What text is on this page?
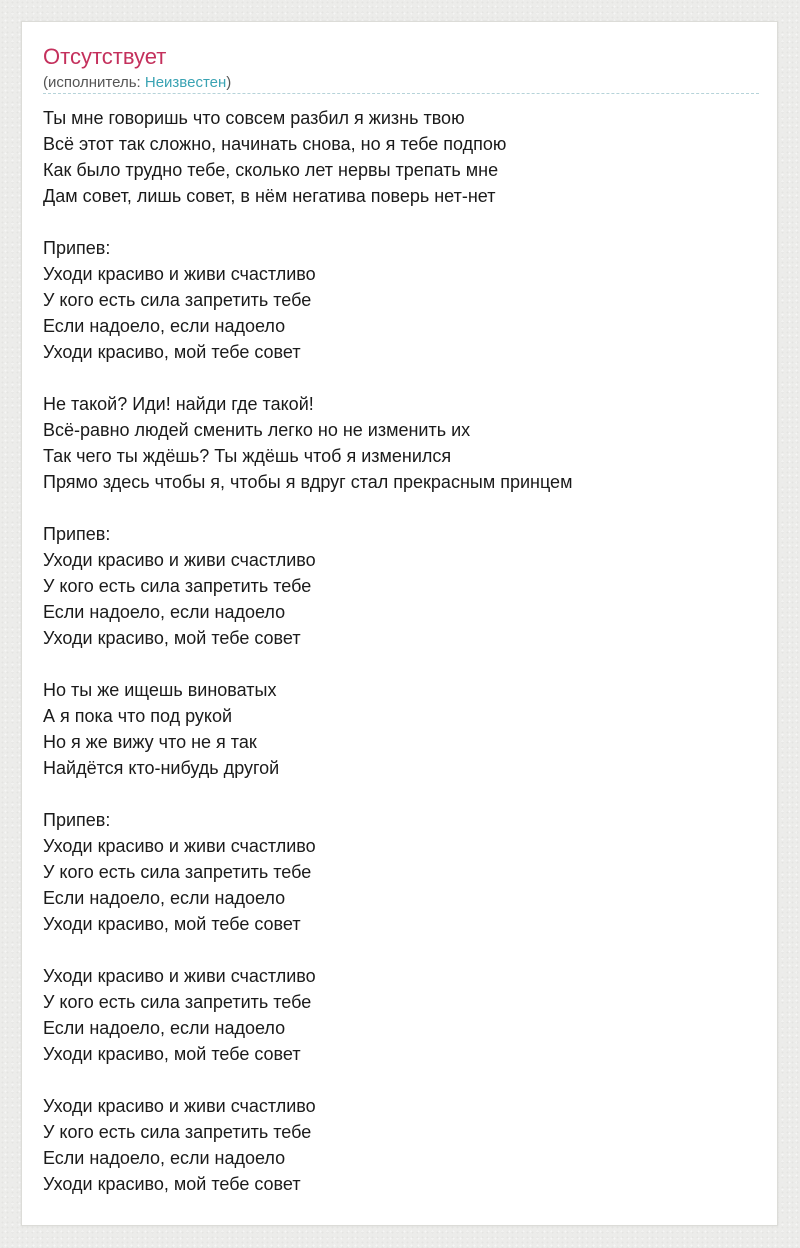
Отсутствует
(исполнитель: Неизвестен)
Ты мне говоришь что совсем разбил я жизнь твою
Всё этот так сложно, начинать снова, но я тебе подпою
Как было трудно тебе, сколько лет нервы трепать мне
Дам совет, лишь совет, в нём негатива поверь нет-нет
Припев:
Уходи красиво и живи счастливо
У кого есть сила запретить тебе
Если надоело, если надоело
Уходи красиво, мой тебе совет
Не такой? Иди! найди где такой!
Всё-равно людей сменить легко но не изменить их
Так чего ты ждёшь? Ты ждёшь чтоб я изменился
Прямо здесь чтобы я, чтобы я вдруг стал прекрасным принцем
Припев:
Уходи красиво и живи счастливо
У кого есть сила запретить тебе
Если надоело, если надоело
Уходи красиво, мой тебе совет
Но ты же ищешь виноватых
А я пока что под рукой
Но я же вижу что не я так
Найдётся кто-нибудь другой
Припев:
Уходи красиво и живи счастливо
У кого есть сила запретить тебе
Если надоело, если надоело
Уходи красиво, мой тебе совет
Уходи красиво и живи счастливо
У кого есть сила запретить тебе
Если надоело, если надоело
Уходи красиво, мой тебе совет
Уходи красиво и живи счастливо
У кого есть сила запретить тебе
Если надоело, если надоело
Уходи красиво, мой тебе совет
